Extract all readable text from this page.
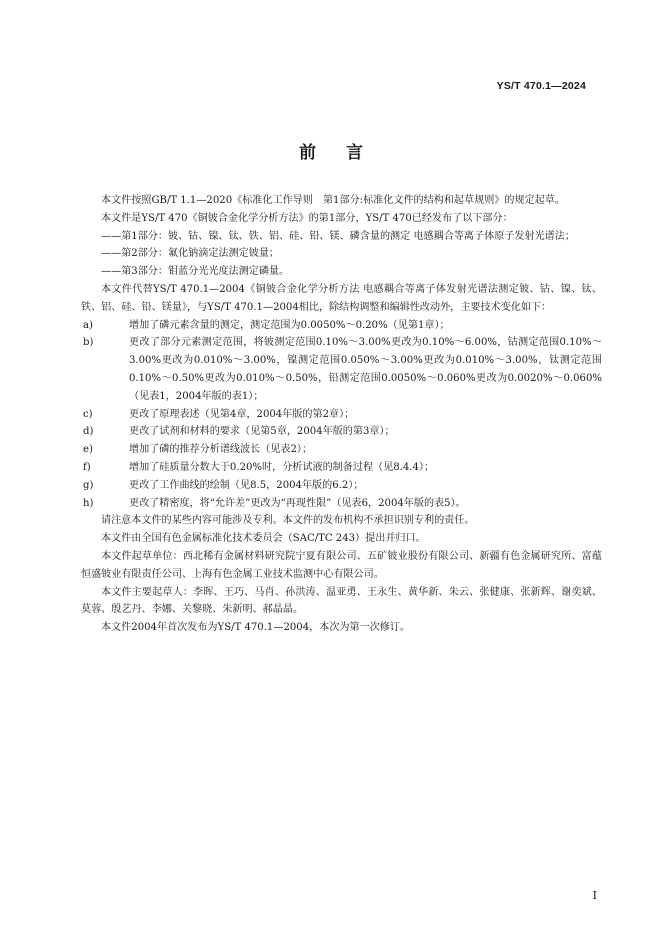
YS/T 470.1—2024
前言

本文件按照GB/T 1.1—2020《标准化工作导则　第1部分:标准化文件的结构和起草规则》的规定起草。

本文件是YS/T 470《铜铍合金化学分析方法》的第1部分，YS/T 470已经发布了以下部分：

——第1部分：铍、钴、镍、钛、铁、铝、硅、铅、镁、磷含量的测定 电感耦合等离子体原子发射光谱法；

——第2部分：氟化钠滴定法测定铍量；

——第3部分：钼蓝分光光度法测定磷量。

本文件代替YS/T 470.1—2004《铜铍合金化学分析方法 电感耦合等离子体发射光谱法测定铍、钴、镍、钛、铁、铝、硅、铅、镁量》，与YS/T 470.1—2004相比，除结构调整和编辑性改动外，主要技术变化如下：

a)	增加了磷元素含量的测定，测定范围为0.0050%～0.20%（见第1章）；
b)	更改了部分元素测定范围，将铍测定范围0.10%～3.00%更改为0.10%～6.00%，钴测定范围0.10%～3.00%更改为0.010%～3.00%，镍测定范围0.050%～3.00%更改为0.010%～3.00%，钛测定范围0.10%～0.50%更改为0.010%～0.50%，铅测定范围0.0050%～0.060%更改为0.0020%～0.060%（见表1，2004年版的表1）；
c)	更改了原理表述（见第4章，2004年版的第2章）；
d)	更改了试剂和材料的要求（见第5章，2004年版的第3章）；
e)	增加了磷的推荐分析谱线波长（见表2）；
f)	增加了硅质量分数大于0.20%时，分析试液的制备过程（见8.4.4）；
g)	更改了工作曲线的绘制（见8.5，2004年版的6.2）；
h)	更改了精密度，将“允许差”更改为“再现性限”（见表6，2004年版的表5）。

请注意本文件的某些内容可能涉及专利。本文件的发布机构不承担识别专利的责任。

本文件由全国有色金属标准化技术委员会（SAC/TC 243）提出并归口。

本文件起草单位：西北稀有金属材料研究院宁夏有限公司、五矿铍业股份有限公司、新疆有色金属研究所、富蕴恒盛铍业有限责任公司、上海有色金属工业技术监测中心有限公司。

本文件主要起草人：李晖、王巧、马肖、孙洪涛、温亚勇、王永生、黄华新、朱云、张健康、张新辉、谢奕斌、莫蓉、殷艺丹、李娜、关黎晓、朱新明、郝晶晶。

本文件2004年首次发布为YS/T 470.1—2004，本次为第一次修订。

I
